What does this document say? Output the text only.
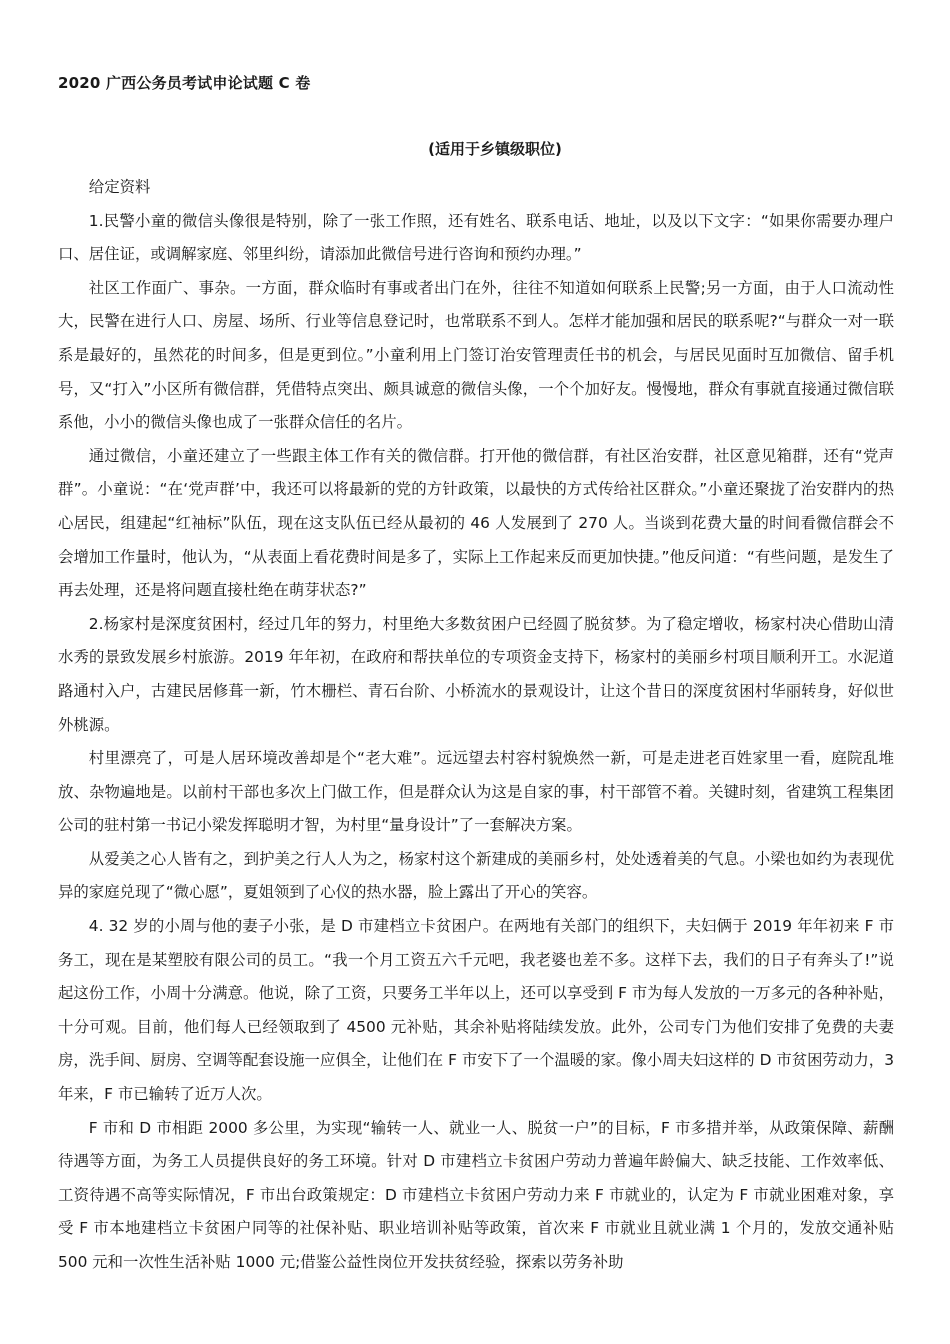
2020 广西公务员考试申论试题 C 卷
(适用于乡镇级职位)

给定资料

1.民警小童的微信头像很是特别，除了一张工作照，还有姓名、联系电话、地址，以及以下文字：“如果你需要办理户口、居住证，或调解家庭、邻里纠纷，请添加此微信号进行咨询和预约办理。”

社区工作面广、事杂。一方面，群众临时有事或者出门在外，往往不知道如何联系上民警;另一方面，由于人口流动性大，民警在进行人口、房屋、场所、行业等信息登记时，也常联系不到人。怎样才能加强和居民的联系呢?“与群众一对一联系是最好的，虽然花的时间多，但是更到位。”小童利用上门签订治安管理责任书的机会，与居民见面时互加微信、留手机号，又“打入”小区所有微信群，凭借特点突出、颇具诚意的微信头像，一个个加好友。慢慢地，群众有事就直接通过微信联系他，小小的微信头像也成了一张群众信任的名片。

通过微信，小童还建立了一些跟主体工作有关的微信群。打开他的微信群，有社区治安群，社区意见箱群，还有“党声群”。小童说：“在‘党声群’中，我还可以将最新的党的方针政策，以最快的方式传给社区群众。”小童还聚拢了治安群内的热心居民，组建起“红袖标”队伍，现在这支队伍已经从最初的 46 人发展到了 270 人。当谈到花费大量的时间看微信群会不会增加工作量时，他认为，“从表面上看花费时间是多了，实际上工作起来反而更加快捷。”他反问道：“有些问题，是发生了再去处理，还是将问题直接杜绝在萌芽状态?”

2.杨家村是深度贫困村，经过几年的努力，村里绝大多数贫困户已经圆了脱贫梦。为了稳定增收，杨家村决心借助山清水秀的景致发展乡村旅游。2019 年年初，在政府和帮扶单位的专项资金支持下，杨家村的美丽乡村项目顺利开工。水泥道路通村入户，古建民居修葺一新，竹木栅栏、青石台阶、小桥流水的景观设计，让这个昔日的深度贫困村华丽转身，好似世外桃源。

村里漂亮了，可是人居环境改善却是个“老大难”。远远望去村容村貌焕然一新，可是走进老百姓家里一看，庭院乱堆放、杂物遍地是。以前村干部也多次上门做工作，但是群众认为这是自家的事，村干部管不着。关键时刻，省建筑工程集团公司的驻村第一书记小梁发挥聪明才智，为村里“量身设计”了一套解决方案。

从爱美之心人皆有之，到护美之行人人为之，杨家村这个新建成的美丽乡村，处处透着美的气息。小梁也如约为表现优异的家庭兑现了“微心愿”，夏姐领到了心仪的热水器，脸上露出了开心的笑容。

4. 32 岁的小周与他的妻子小张，是 D 市建档立卡贫困户。在两地有关部门的组织下，夫妇俩于 2019 年年初来 F 市务工，现在是某塑胶有限公司的员工。“我一个月工资五六千元吧，我老婆也差不多。这样下去，我们的日子有奔头了!”说起这份工作，小周十分满意。他说，除了工资，只要务工半年以上，还可以享受到 F 市为每人发放的一万多元的各种补贴，十分可观。目前，他们每人已经领取到了 4500 元补贴，其余补贴将陆续发放。此外，公司专门为他们安排了免费的夫妻房，洗手间、厨房、空调等配套设施一应俱全，让他们在 F 市安下了一个温暖的家。像小周夫妇这样的 D 市贫困劳动力，3 年来，F 市已输转了近万人次。

F 市和 D 市相距 2000 多公里，为实现“输转一人、就业一人、脱贫一户”的目标，F 市多措并举，从政策保障、薪酬待遇等方面，为务工人员提供良好的务工环境。针对 D 市建档立卡贫困户劳动力普遍年龄偏大、缺乏技能、工作效率低、工资待遇不高等实际情况，F 市出台政策规定：D 市建档立卡贫困户劳动力来 F 市就业的，认定为 F 市就业困难对象，享受 F 市本地建档立卡贫困户同等的社保补贴、职业培训补贴等政策，首次来 F 市就业且就业满 1 个月的，发放交通补贴 500 元和一次性生活补贴 1000 元;借鉴公益性岗位开发扶贫经验，探索以劳务补助
